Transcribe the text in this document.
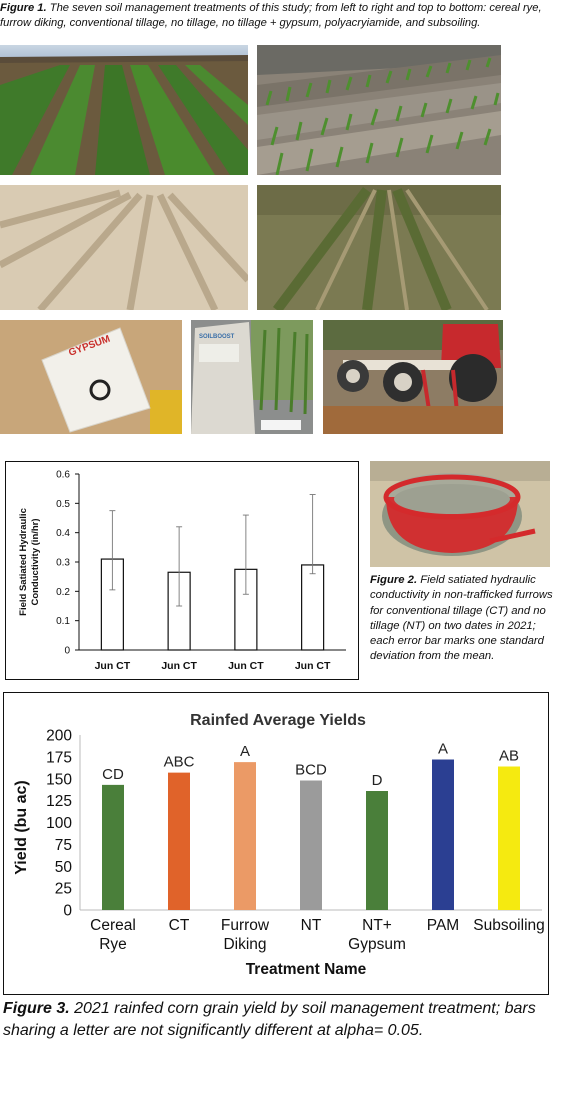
Figure 1. The seven soil management treatments of this study; from left to right and top to bottom: cereal rye, furrow diking, conventional tillage, no tillage, no tillage + gypsum, polyacryiamide, and subsoiling.
GYPSUM	SOILBOOST
0
0.1
0.2
0.3
0.4
0.5
0.6
Jun CT	Jun CT	Jun CT	Jun CT
Field Satiated HydraulicConductivity (in/hr)	Figure 2. Field satiated hydraulic conductivity in non-trafficked furrows for conventional tillage (CT) and no tillage (NT) on two dates in 2021; each error bar marks one standard deviation from the mean.
Rainfed Average Yields
0
25
50
75
100
125
150
175
200
CD
Cereal Rye
ABC
CT
A
Furrow Diking
BCD
NT
D
NT+ Gypsum
A
PAM
AB
Subsoiling
Treatment Name
Yield (bu ac)
Figure 3. 2021 rainfed corn grain yield by soil management treatment; bars sharing a letter are not significantly different at alpha= 0.05.
